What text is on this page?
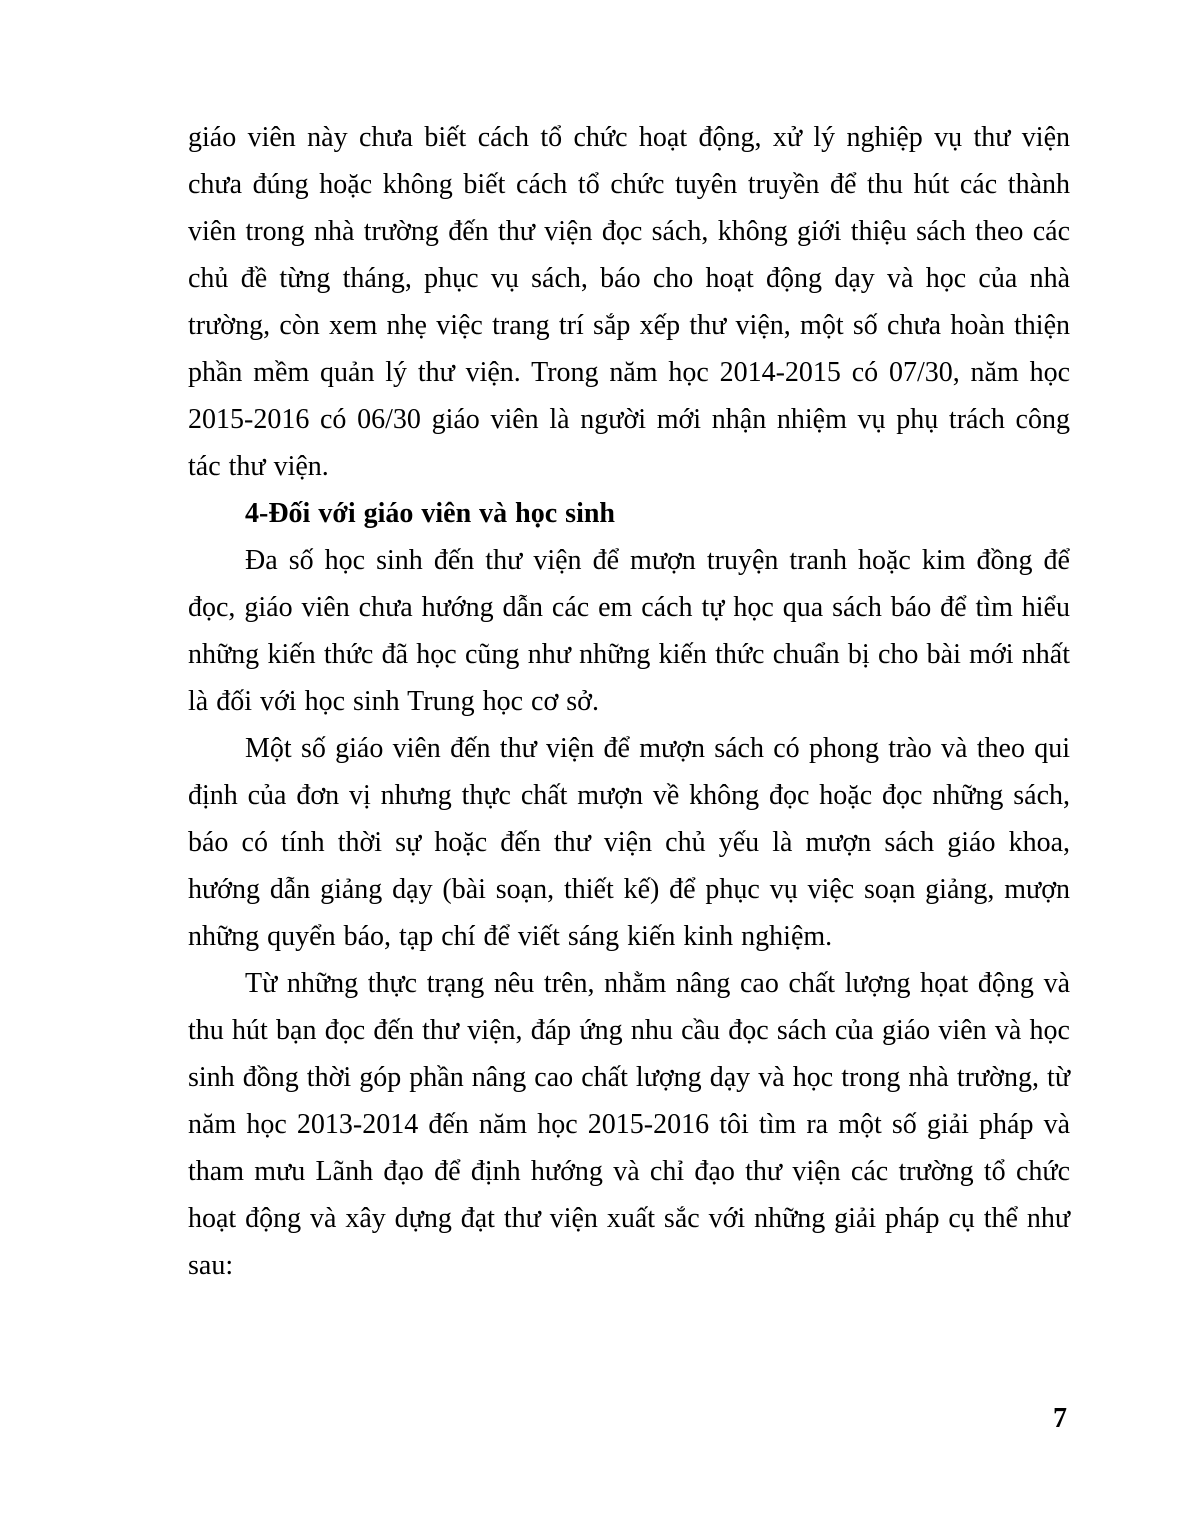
giáo viên này chưa biết cách tổ chức hoạt động, xử lý nghiệp vụ thư viện chưa đúng hoặc không biết cách tổ chức tuyên truyền để thu hút các thành viên trong nhà trường đến thư viện đọc sách, không giới thiệu sách theo các chủ đề từng tháng, phục vụ sách, báo cho hoạt động dạy và học của nhà trường, còn xem nhẹ việc trang trí sắp xếp thư viện, một số chưa hoàn thiện phần mềm quản lý thư viện. Trong năm học 2014-2015 có 07/30, năm học 2015-2016 có 06/30 giáo viên là người mới nhận nhiệm vụ phụ trách công tác thư viện.

4-Đối với giáo viên và học sinh

Đa số học sinh đến thư viện để mượn truyện tranh hoặc kim đồng để đọc, giáo viên chưa hướng dẫn các em cách tự học qua sách báo để tìm hiểu những kiến thức đã học cũng như những kiến thức chuẩn bị cho bài mới nhất là đối với học sinh Trung học cơ sở.

Một số giáo viên đến thư viện để mượn sách có phong trào và theo qui định của đơn vị nhưng thực chất mượn về không đọc hoặc đọc những sách, báo có tính thời sự hoặc đến thư viện chủ yếu là mượn sách giáo khoa, hướng dẫn giảng dạy (bài soạn, thiết kế) để phục vụ việc soạn giảng, mượn những quyển báo, tạp chí để viết sáng kiến kinh nghiệm.

Từ những thực trạng nêu trên, nhằm nâng cao chất lượng họat động và thu hút bạn đọc đến thư viện, đáp ứng nhu cầu đọc sách của giáo viên và học sinh đồng thời góp phần nâng cao chất lượng dạy và học trong nhà trường, từ năm học 2013-2014 đến năm học 2015-2016 tôi tìm ra một số giải pháp và tham mưu Lãnh đạo để định hướng và chỉ đạo thư viện các trường tổ chức hoạt động và xây dựng đạt thư viện xuất sắc với những giải pháp cụ thể như sau:

7
